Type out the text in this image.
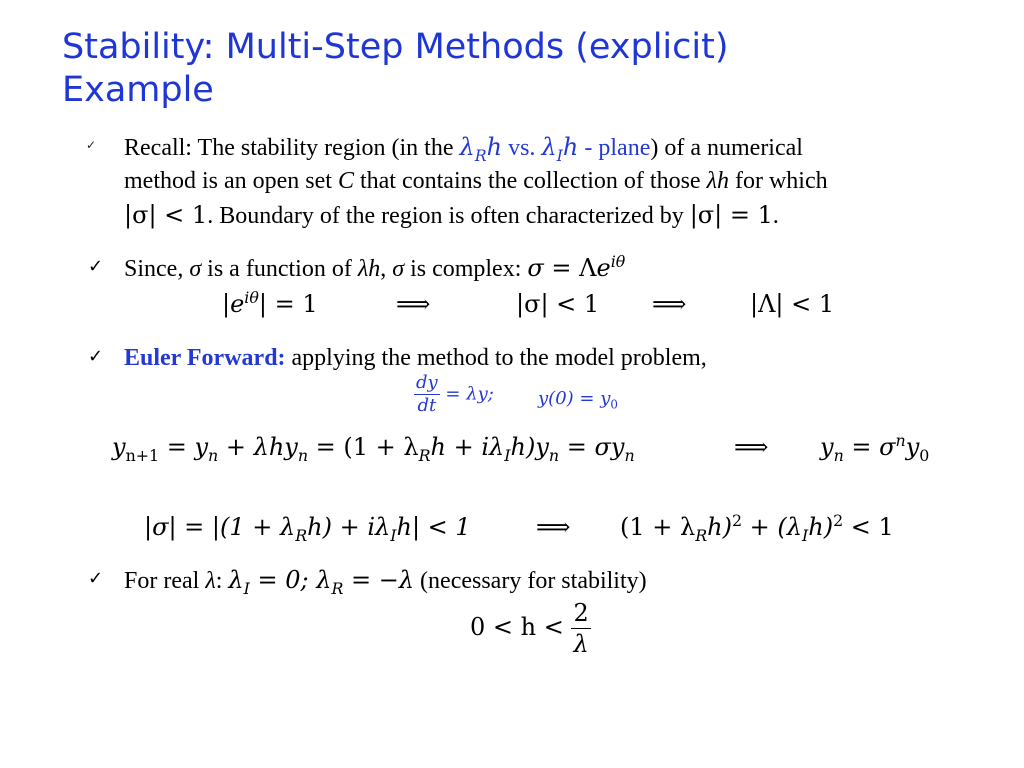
Stability: Multi-Step Methods (explicit)
Example
✓ Recall: The stability region (in the $\lambda_Rh$ vs. $\lambda_Ih$ - plane) of a numerical
method is an open set C that contains the collection of those λh for which
|σ| < 1. Boundary of the region is often characterized by |σ| = 1.
✓ Since, σ is a function of λh, σ is complex: $\sigma = \Lambda e^{i\theta}$
$|e^{i\theta}| = 1$	⟹	|σ| < 1 ⟹	|Λ| < 1
✓ Euler Forward: applying the method to the model problem,
$\frac{dy}{dt} = \lambda y$; $y(0) = y_0$
$y_{n+1} = y_n + \lambda hy_n = (1 + \lambda_Rh + i\lambda_Ih)y_n = \sigma y_n$	⟹ $y_n = \sigma^ny_0$
$|\sigma| = |(1 + \lambda_Rh) + i\lambda_Ih| < 1$	⟹ $(1 + \lambda_Rh)^2 + (\lambda_Ih)^2 < 1$
✓ For real λ: $\lambda_I = 0$; $\lambda_R = -\lambda$ (necessary for stability)
$0 < h < \frac{2}{\lambda}$
